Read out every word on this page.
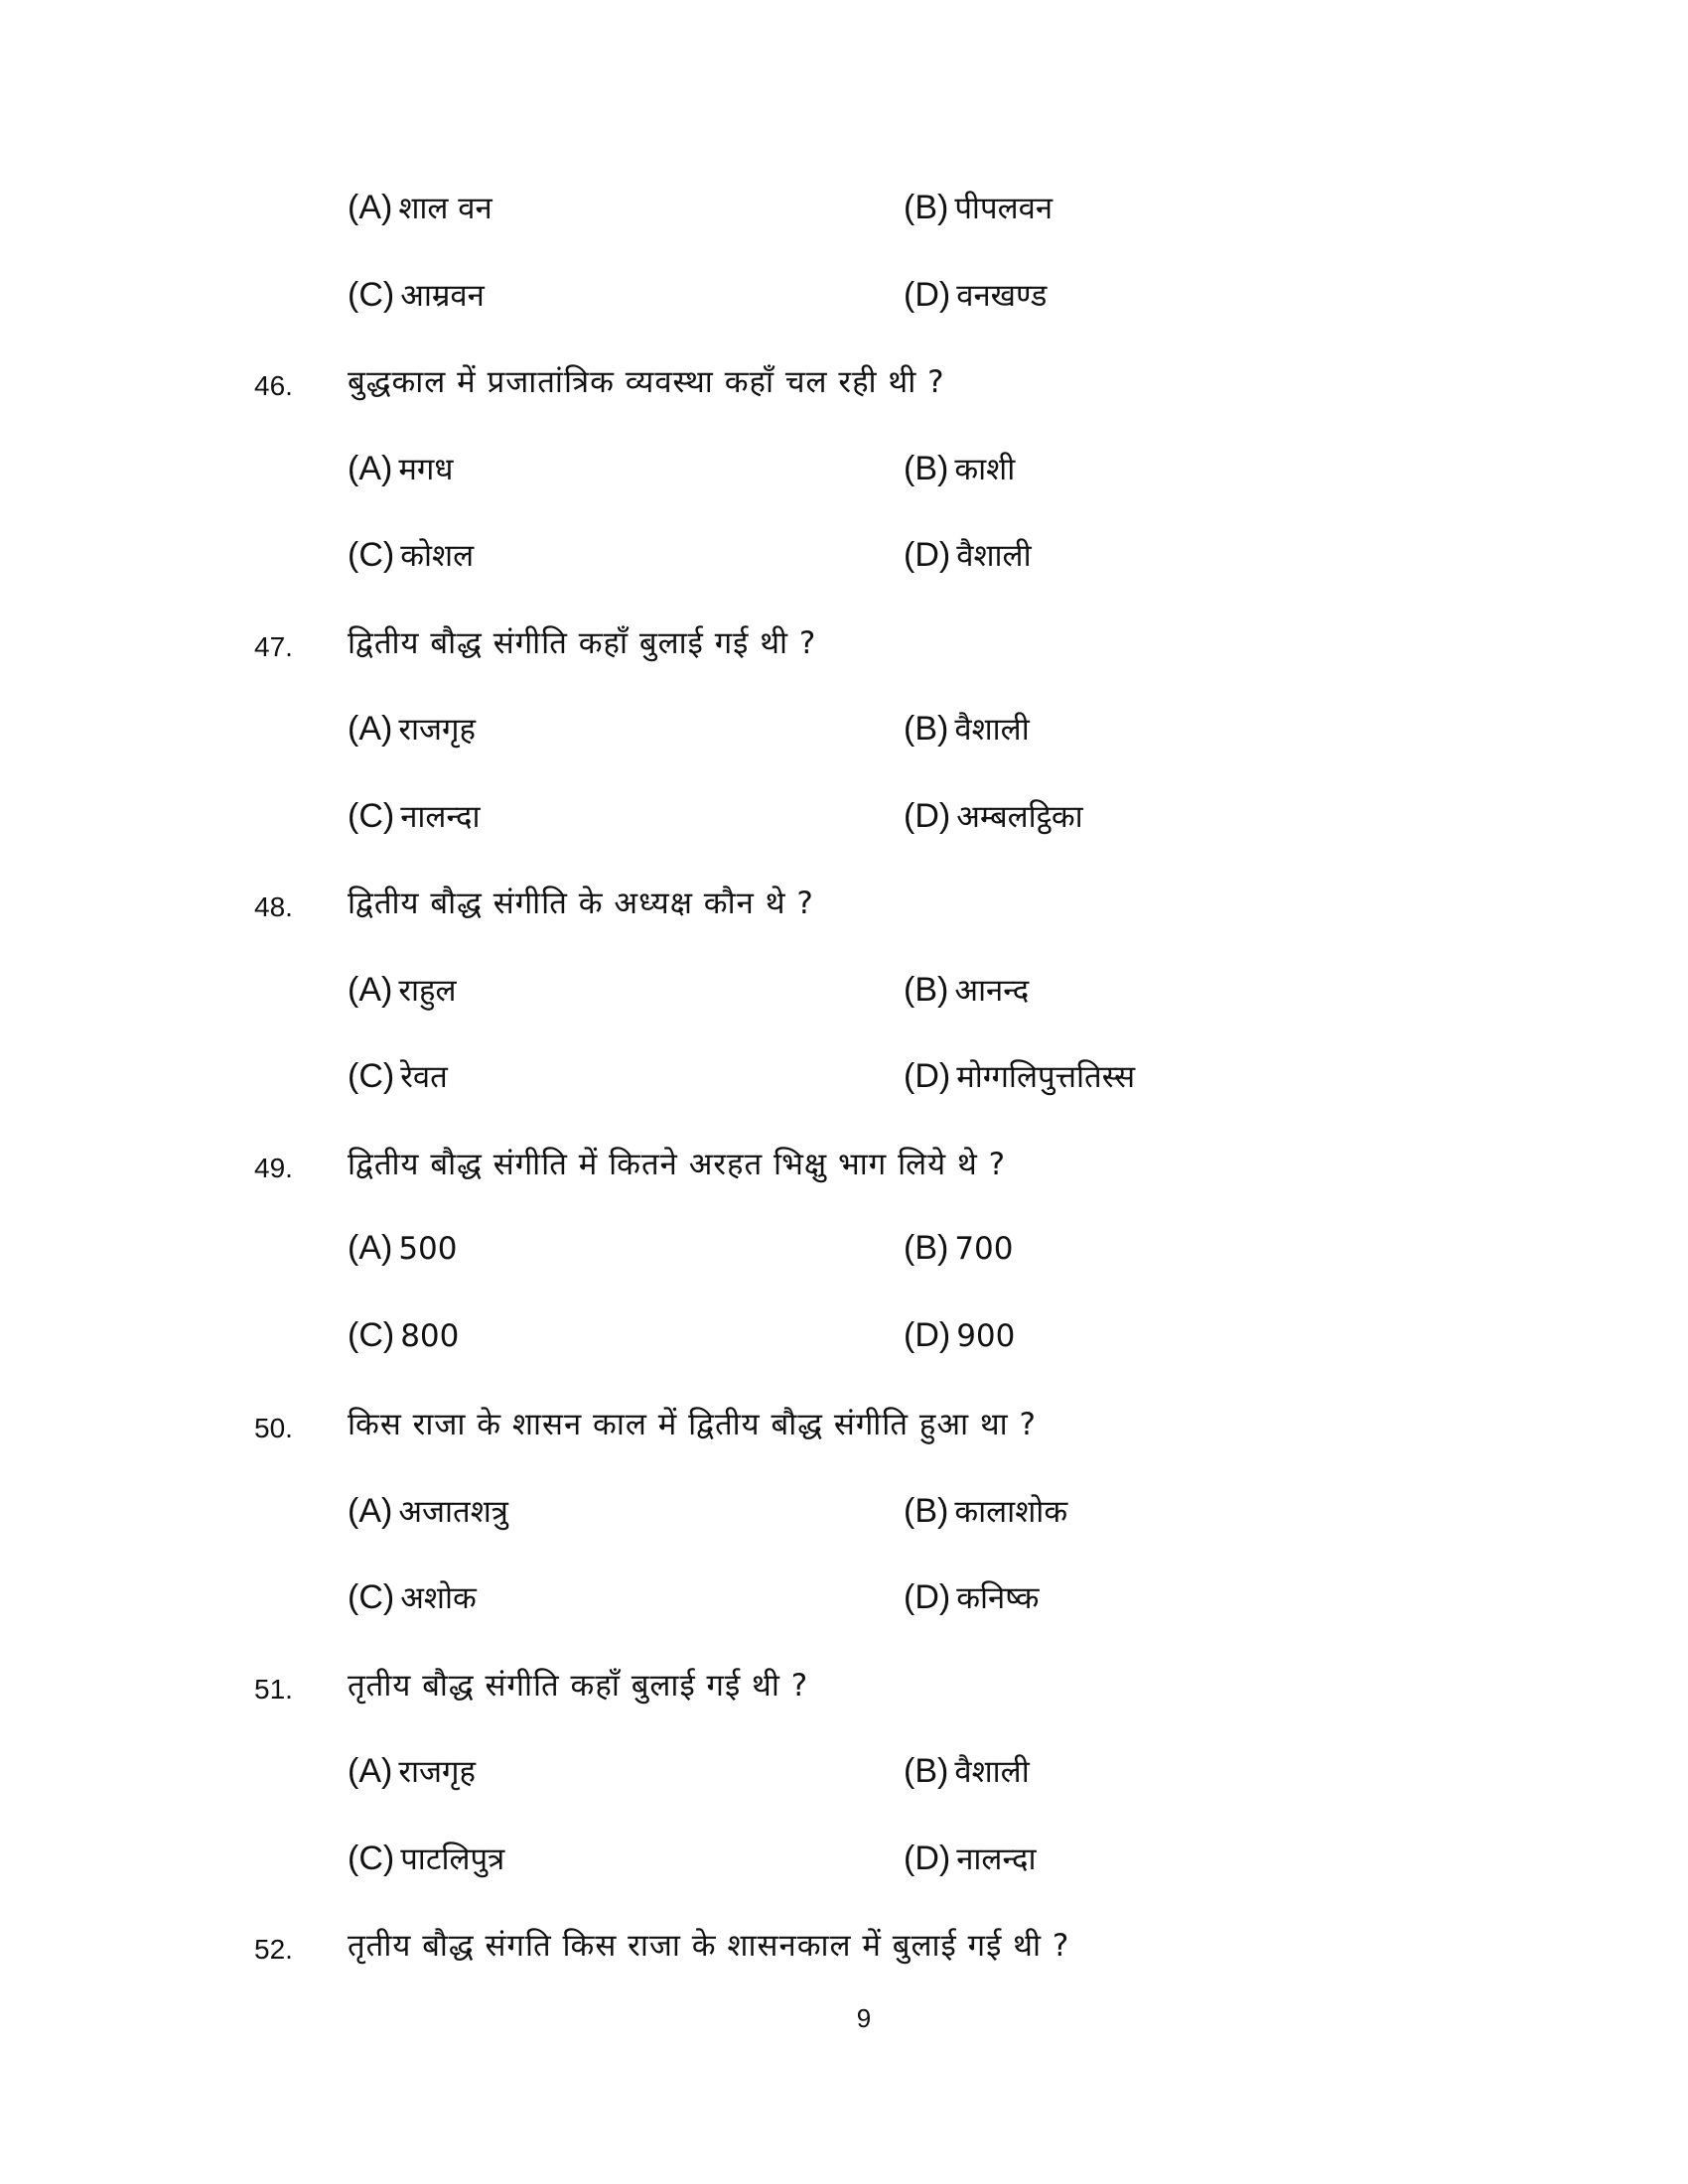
(A) शाल वन	(B) पीपलवन
(C) आम्रवन	(D) वनखण्ड
46. बुद्धकाल में प्रजातांत्रिक व्यवस्था कहाँ चल रही थी ?
(A) मगध	(B) काशी
(C) कोशल	(D) वैशाली
47. द्वितीय बौद्ध संगीति कहाँ बुलाई गई थी ?
(A) राजगृह	(B) वैशाली
(C) नालन्दा	(D) अम्बलट्ठिका
48. द्वितीय बौद्ध संगीति के अध्यक्ष कौन थे ?
(A) राहुल	(B) आनन्द
(C) रेवत	(D) मोग्गलिपुत्ततिस्स
49. द्वितीय बौद्ध संगीति में कितने अरहत भिक्षु भाग लिये थे ?
(A) 500	(B) 700
(C) 800	(D) 900
50. किस राजा के शासन काल में द्वितीय बौद्ध संगीति हुआ था ?
(A) अजातशत्रु	(B) कालाशोक
(C) अशोक	(D) कनिष्क
51. तृतीय बौद्ध संगीति कहाँ बुलाई गई थी ?
(A) राजगृह	(B) वैशाली
(C) पाटलिपुत्र	(D) नालन्दा
52. तृतीय बौद्ध संगति किस राजा के शासनकाल में बुलाई गई थी ?
9
